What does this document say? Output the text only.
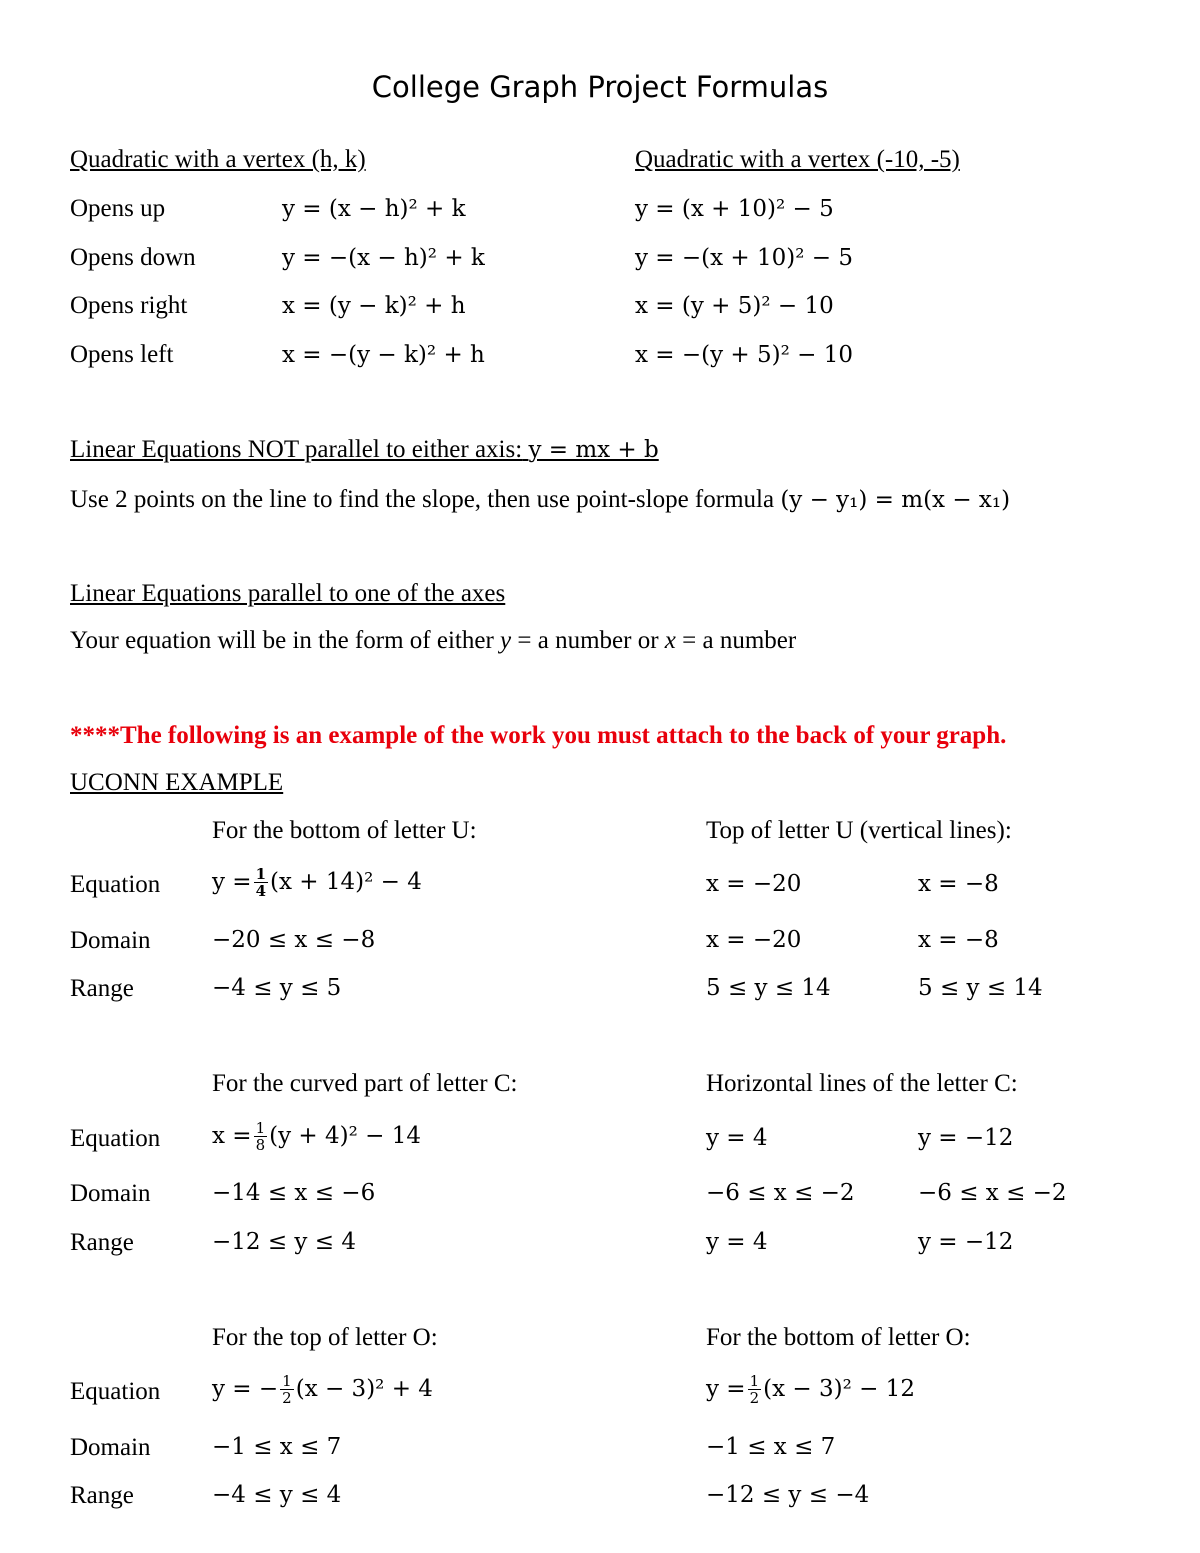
College Graph Project Formulas
Quadratic with a vertex (h, k)	Quadratic with a vertex (-10, -5)
Opens up	y = (x − h)² + k	y = (x + 10)² − 5
Opens down	y = −(x − h)² + k	y = −(x + 10)² − 5
Opens right	x = (y − k)² + h	x = (y + 5)² − 10
Opens left	x = −(y − k)² + h	x = −(y + 5)² − 10
Linear Equations NOT parallel to either axis: y = mx + b
Use 2 points on the line to find the slope, then use point-slope formula (y − y₁) = m(x − x₁)
Linear Equations parallel to one of the axes
Your equation will be in the form of either y = a number or x = a number
****The following is an example of the work you must attach to the back of your graph.
UCONN EXAMPLE
For the bottom of letter U:	Top of letter U (vertical lines):
Equation $y = \frac{1}{4} (x + 14)^2 - 4$	x = −20	x = −8
Domain	−20 ≤ x ≤ −8	x = −20	x = −8
Range	−4 ≤ y ≤ 5	5 ≤ y ≤ 14	5 ≤ y ≤ 14
For the curved part of letter C:	Horizontal lines of the letter C:
Equation $x = \frac{1}{8} (y + 4)^2 - 14$	y = 4	y = −12
Domain	−14 ≤ x ≤ −6	−6 ≤ x ≤ −2	−6 ≤ x ≤ −2
Range	−12 ≤ y ≤ 4	y = 4	y = −12
For the top of letter O:	For the bottom of letter O:
Equation y = − $\frac{1}{2} (x - 3)^2 + 4$	$y = \frac{1}{2} (x - 3)^2 - 12$
Domain	−1 ≤ x ≤ 7	−1 ≤ x ≤ 7
Range	−4 ≤ y ≤ 4	−12 ≤ y ≤ −4
